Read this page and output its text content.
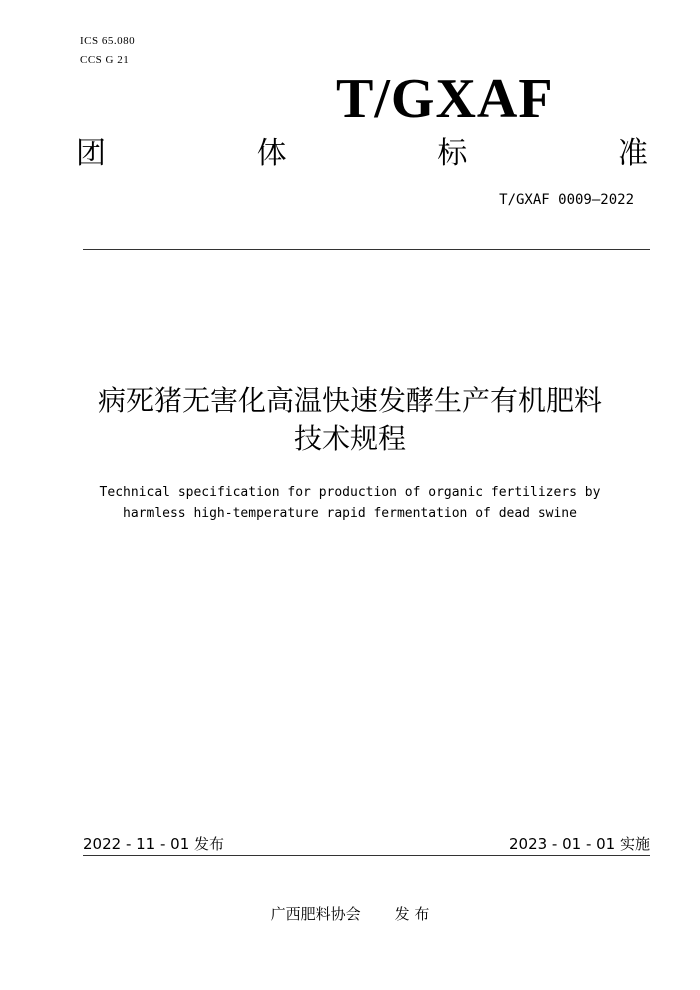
ICS 65.080
CCS G 21
T/GXAF
团	体	标	准
T/GXAF 0009—2022
病死猪无害化高温快速发酵生产有机肥料
技术规程
Technical specification for production of organic fertilizers by
harmless high-temperature rapid fermentation of dead swine
2022 - 11 - 01 发布	2023 - 01 - 01 实施
广西肥料协会 发 布
